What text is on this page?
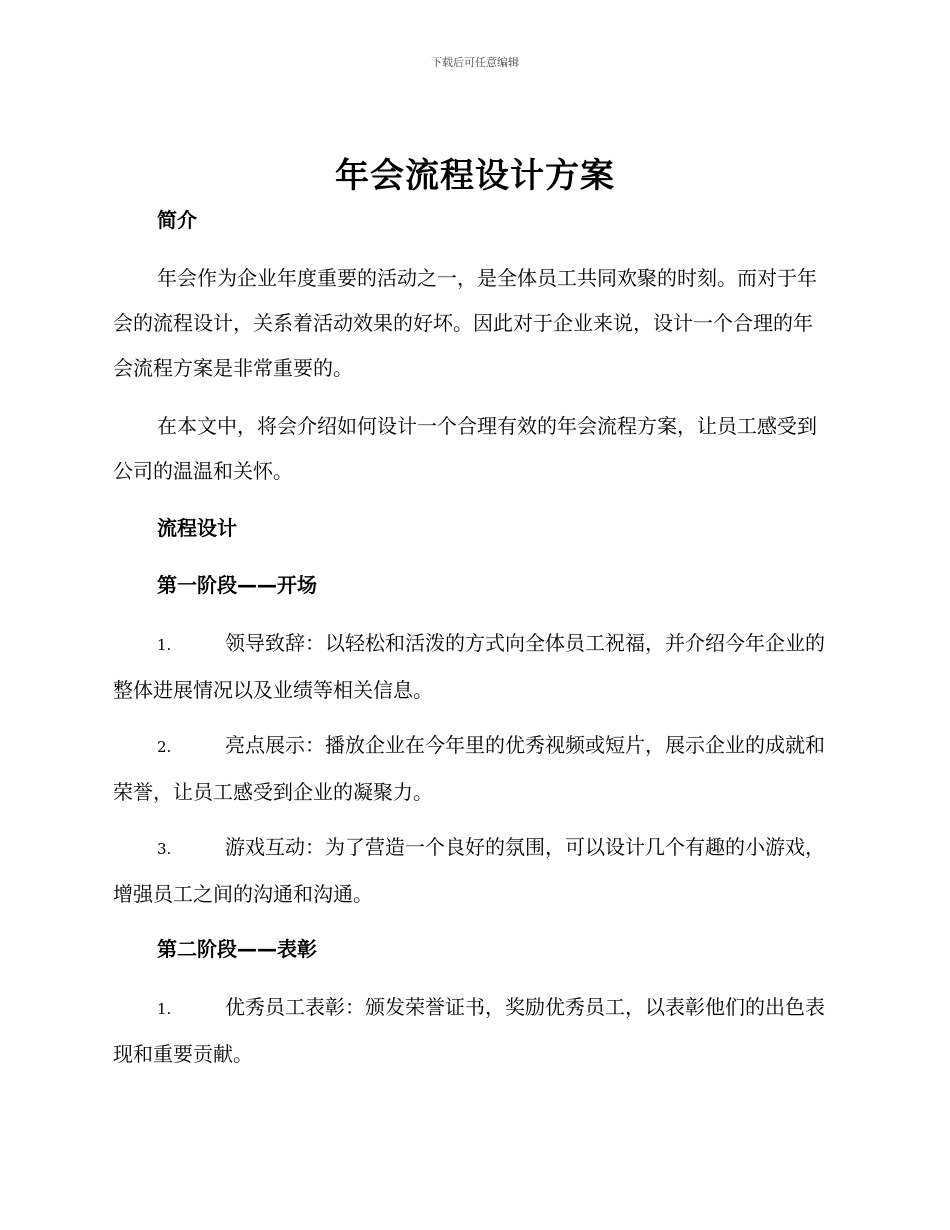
下载后可任意编辑
年会流程设计方案

简介

年会作为企业年度重要的活动之一，是全体员工共同欢聚的时刻。而对于年会的流程设计，关系着活动效果的好坏。因此对于企业来说，设计一个合理的年会流程方案是非常重要的。

在本文中，将会介绍如何设计一个合理有效的年会流程方案，让员工感受到公司的温温和关怀。

流程设计

第一阶段——开场

1.	领导致辞：以轻松和活泼的方式向全体员工祝福，并介绍今年企业的整体进展情况以及业绩等相关信息。

2.	亮点展示：播放企业在今年里的优秀视频或短片，展示企业的成就和荣誉，让员工感受到企业的凝聚力。

3.	游戏互动：为了营造一个良好的氛围，可以设计几个有趣的小游戏，增强员工之间的沟通和沟通。

第二阶段——表彰

1.	优秀员工表彰：颁发荣誉证书，奖励优秀员工，以表彰他们的出色表现和重要贡献。
